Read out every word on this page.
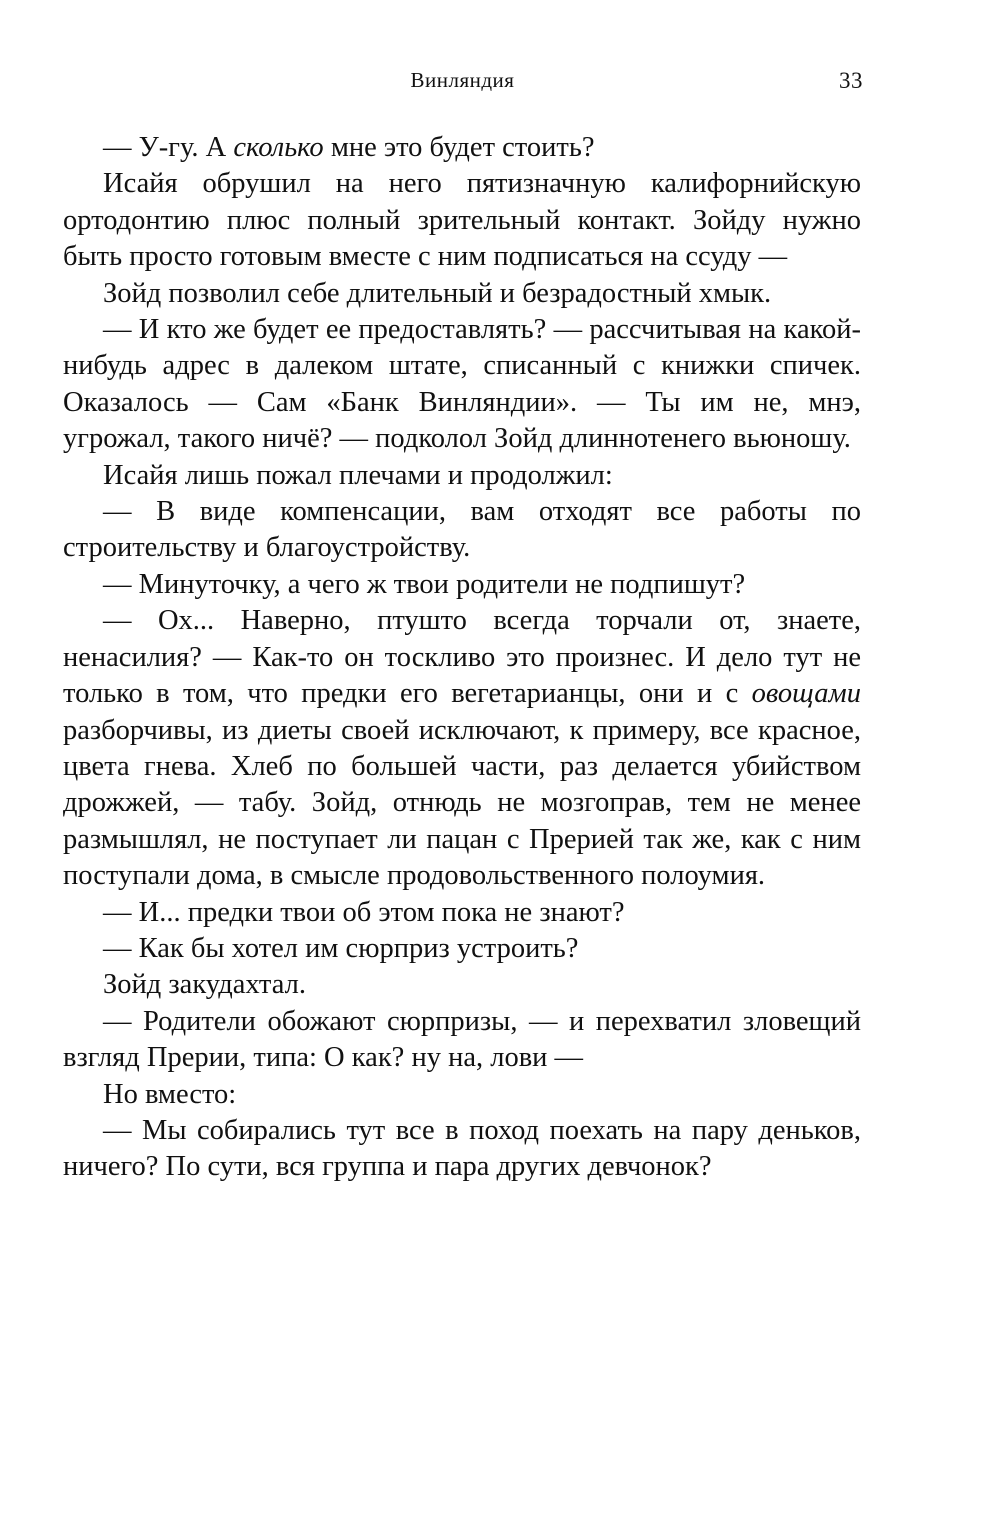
Винляндия	33

— У-гу. А сколько мне это будет стоить?

Исайя обрушил на него пятизначную калифорнийскую ортодонтию плюс полный зрительный контакт. Зойду нужно быть просто готовым вместе с ним подписаться на ссуду —

Зойд позволил себе длительный и безрадостный хмык.

— И кто же будет ее предоставлять? — рассчитывая на какой-нибудь адрес в далеком штате, списанный с книжки спичек. Оказалось — Сам «Банк Винляндии». — Ты им не, мнэ, угрожал, такого ничё? — подколол Зойд длиннотенего вьюношу.

Исайя лишь пожал плечами и продолжил:

— В виде компенсации, вам отходят все работы по строительству и благоустройству.

— Минуточку, а чего ж твои родители не подпишут?

— Ох... Наверно, птушто всегда торчали от, знаете, ненасилия? — Как-то он тоскливо это произнес. И дело тут не только в том, что предки его вегетарианцы, они и с овощами разборчивы, из диеты своей исключают, к примеру, все красное, цвета гнева. Хлеб по большей части, раз делается убийством дрожжей, — табу. Зойд, отнюдь не мозгоправ, тем не менее размышлял, не поступает ли пацан с Прерией так же, как с ним поступали дома, в смысле продовольственного полоумия.

— И... предки твои об этом пока не знают?

— Как бы хотел им сюрприз устроить?

Зойд закудахтал.

— Родители обожают сюрпризы, — и перехватил зловещий взгляд Прерии, типа: О как? ну на, лови —

Но вместо:

— Мы собирались тут все в поход поехать на пару деньков, ничего? По сути, вся группа и пара других девчонок?
